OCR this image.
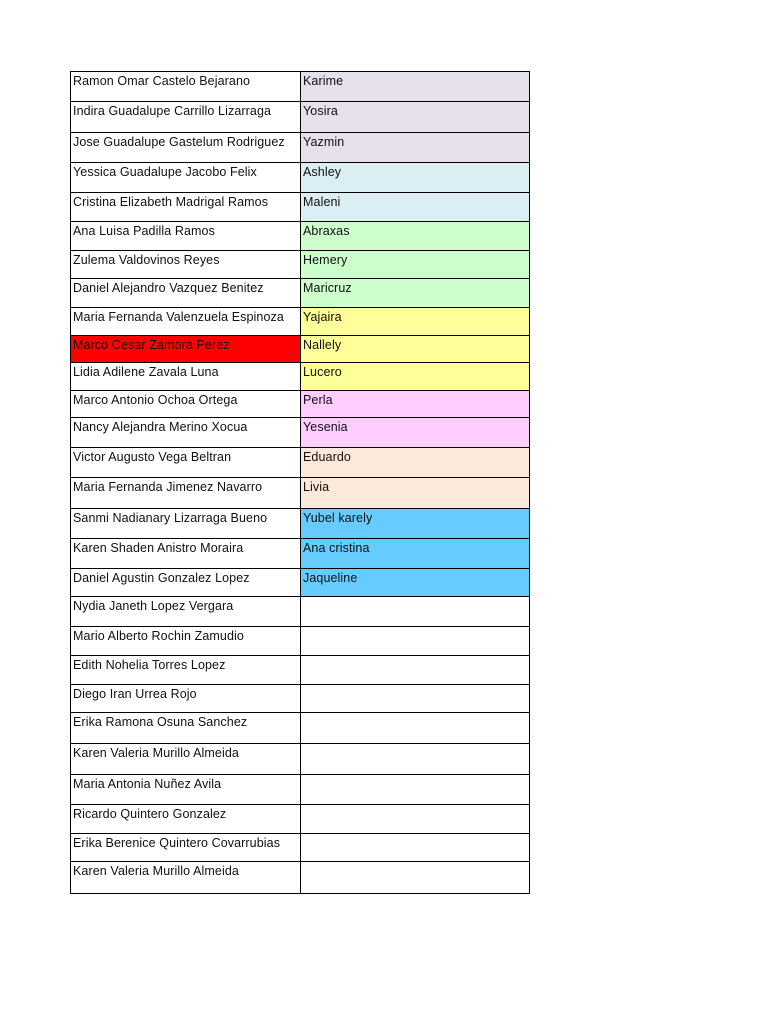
Ramon Omar Castelo Bejarano	Karime
Indira Guadalupe Carrillo Lizarraga	Yosira
Jose Guadalupe Gastelum Rodriguez	Yazmin
Yessica Guadalupe Jacobo Felix	Ashley
Cristina Elizabeth Madrigal Ramos	Maleni
Ana Luisa Padilla Ramos	Abraxas
Zulema Valdovinos Reyes	Hemery
Daniel Alejandro Vazquez Benitez	Maricruz
Maria Fernanda Valenzuela Espinoza	Yajaira
Marco Cesar Zamora Perez	Nallely
Lidia Adilene Zavala Luna	Lucero
Marco Antonio Ochoa Ortega	Perla
Nancy Alejandra Merino Xocua	Yesenia
Victor Augusto Vega Beltran	Eduardo
Maria Fernanda Jimenez Navarro	Livia
Sanmi Nadianary Lizarraga Bueno	Yubel karely
Karen Shaden Anistro Moraira	Ana cristina
Daniel Agustin Gonzalez Lopez	Jaqueline
Nydia Janeth Lopez Vergara	
Mario Alberto Rochin Zamudio	
Edith Nohelia Torres Lopez	
Diego Iran Urrea Rojo	
Erika Ramona Osuna Sanchez	
Karen Valeria Murillo Almeida	
Maria Antonia Nuñez Avila	
Ricardo Quintero Gonzalez	
Erika Berenice Quintero Covarrubias	
Karen Valeria Murillo Almeida	
